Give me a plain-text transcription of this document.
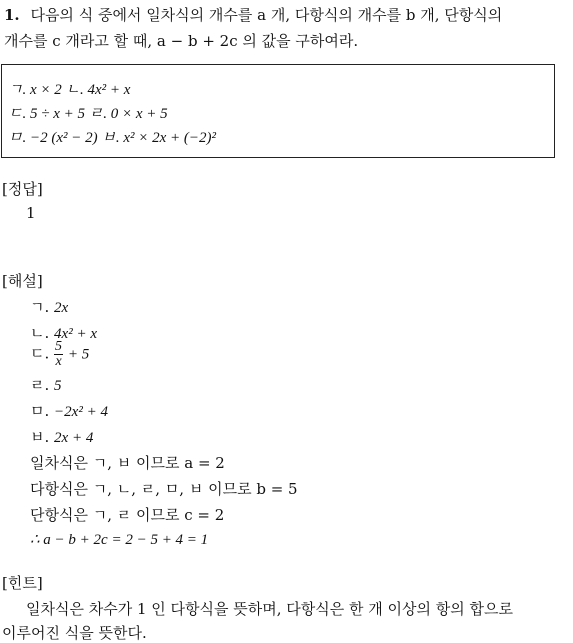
1. 다음의 식 중에서 일차식의 개수를 a 개, 다항식의 개수를 b 개, 단항식의
개수를 c 개라고 할 때, a − b + 2c 의 값을 구하여라.
ㄱ. x × 2 ㄴ. 4x² + x
ㄷ. 5 ÷ x + 5 ㄹ. 0 × x + 5
ㅁ. −2 (x² − 2) ㅂ. x² × 2x + (−2)²
[정답]
1
[해설]
ㄱ. 2x
ㄴ. 4x² + x
ㄷ. $\frac{5}{x} + 5$
ㄹ. 5
ㅁ. −2x² + 4
ㅂ. 2x + 4
일차식은 ㄱ, ㅂ 이므로 a = 2
다항식은 ㄱ, ㄴ, ㄹ, ㅁ, ㅂ 이므로 b = 5
단항식은 ㄱ, ㄹ 이므로 c = 2
∴ a − b + 2c = 2 − 5 + 4 = 1
[힌트]
일차식은 차수가 1 인 다항식을 뜻하며, 다항식은 한 개 이상의 항의 합으로
이루어진 식을 뜻한다.
